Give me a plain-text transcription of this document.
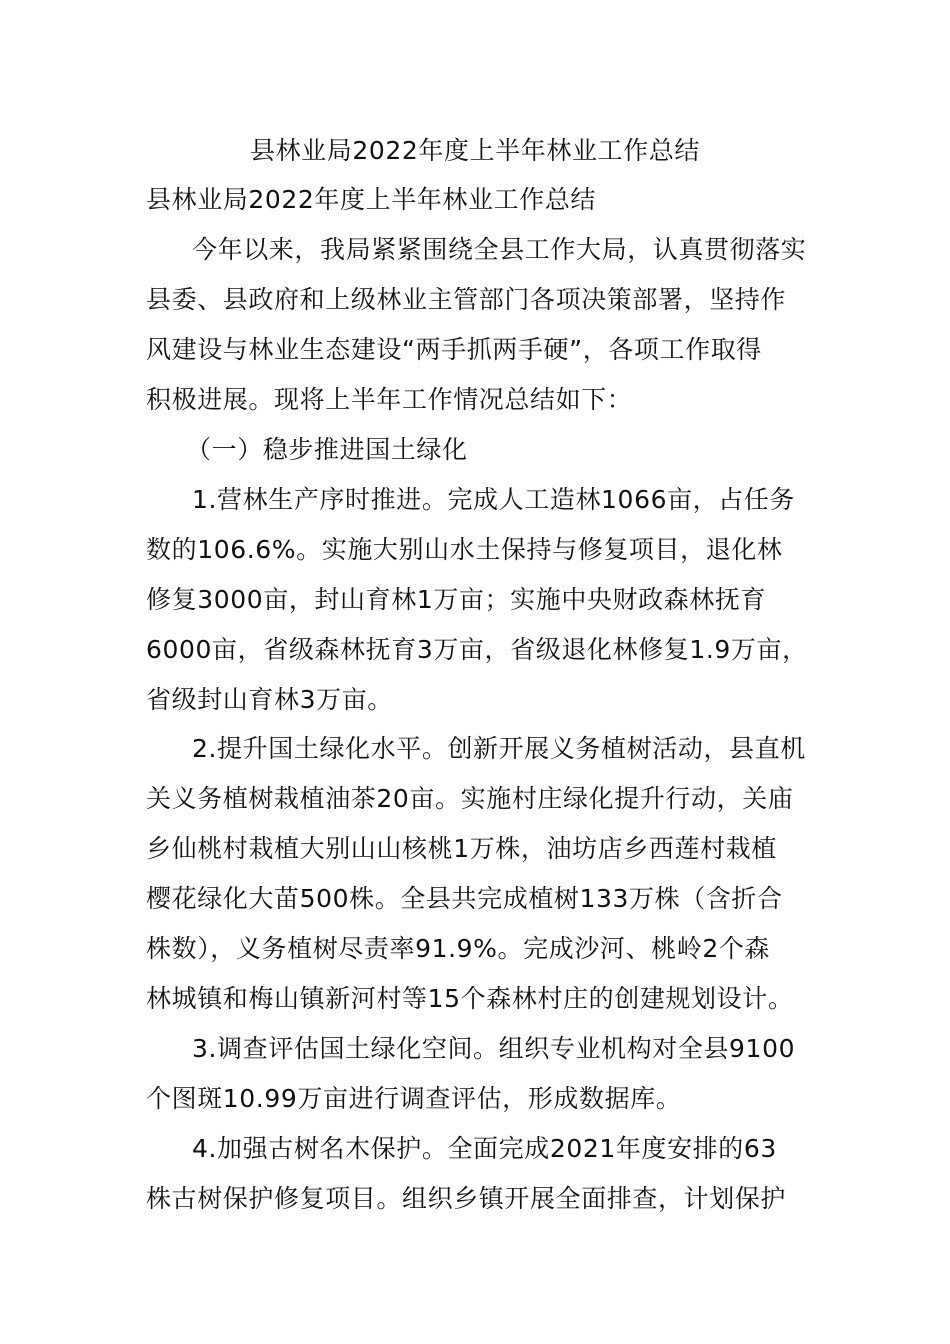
县林业局2022年度上半年林业工作总结
县林业局2022年度上半年林业工作总结
今年以来，我局紧紧围绕全县工作大局，认真贯彻落实
县委、县政府和上级林业主管部门各项决策部署，坚持作
风建设与林业生态建设“两手抓两手硬”，各项工作取得
积极进展。现将上半年工作情况总结如下：
（一）稳步推进国土绿化
1.营林生产序时推进。完成人工造林1066亩，占任务
数的106.6%。实施大别山水土保持与修复项目，退化林
修复3000亩，封山育林1万亩；实施中央财政森林抚育
6000亩，省级森林抚育3万亩，省级退化林修复1.9万亩，
省级封山育林3万亩。
2.提升国土绿化水平。创新开展义务植树活动，县直机
关义务植树栽植油茶20亩。实施村庄绿化提升行动，关庙
乡仙桃村栽植大别山山核桃1万株，油坊店乡西莲村栽植
樱花绿化大苗500株。全县共完成植树133万株（含折合
株数），义务植树尽责率91.9%。完成沙河、桃岭2个森
林城镇和梅山镇新河村等15个森林村庄的创建规划设计。
3.调查评估国土绿化空间。组织专业机构对全县9100
个图斑10.99万亩进行调查评估，形成数据库。
4.加强古树名木保护。全面完成2021年度安排的63
株古树保护修复项目。组织乡镇开展全面排查，计划保护
